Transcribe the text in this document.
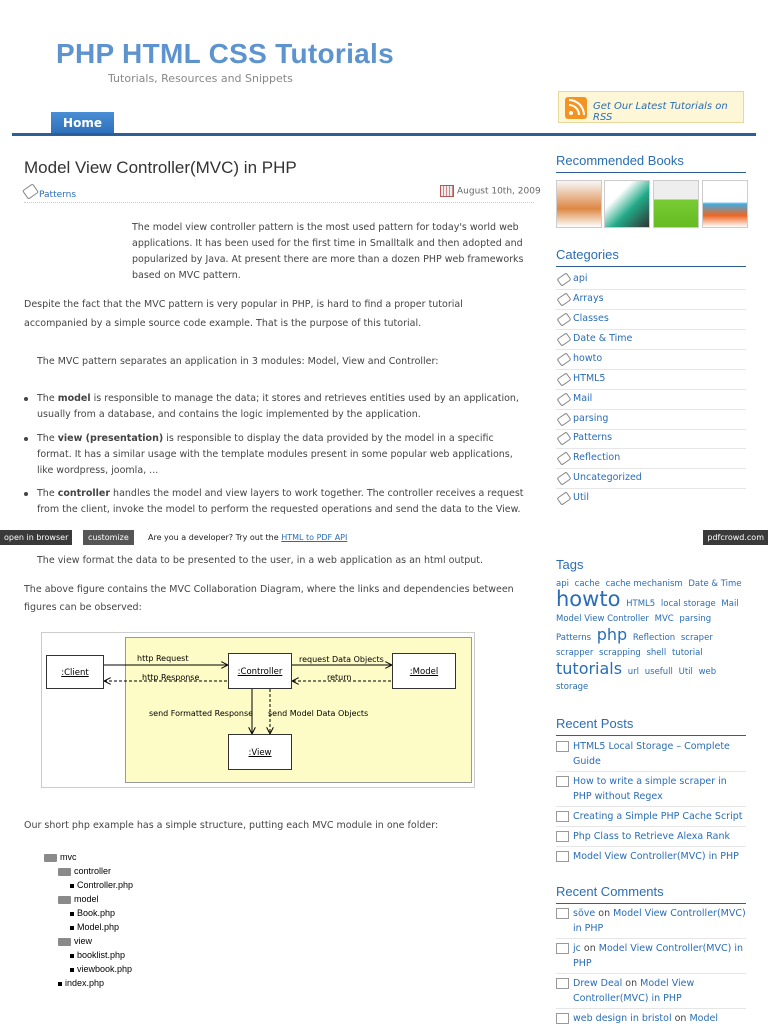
PHP HTML CSS Tutorials
Tutorials, Resources and Snippets
Get Our Latest Tutorials on RSS
Home
Model View Controller(MVC) in PHP
Patterns	August 10th, 2009
The model view controller pattern is the most used pattern for today's world web applications. It has been used for the first time in Smalltalk and then adopted and popularized by Java. At present there are more than a dozen PHP web frameworks based on MVC pattern.
Despite the fact that the MVC pattern is very popular in PHP, is hard to find a proper tutorial accompanied by a simple source code example. That is the purpose of this tutorial.
The MVC pattern separates an application in 3 modules: Model, View and Controller:
The model is responsible to manage the data; it stores and retrieves entities used by an application, usually from a database, and contains the logic implemented by the application.
The view (presentation) is responsible to display the data provided by the model in a specific format. It has a similar usage with the template modules present in some popular web applications, like wordpress, joomla, ...
The controller handles the model and view layers to work together. The controller receives a request from the client, invoke the model to perform the requested operations and send the data to the View.
open in browser	customize	Are you a developer? Try out the HTML to PDF API	pdfcrowd.com
The view format the data to be presented to the user, in a web application as an html output.
The above figure contains the MVC Collaboration Diagram, where the links and dependencies between figures can be observed:
:Client	:Controller	:Model
:View
http Request
http Response
request Data Objects
return
send Formatted Response send Model Data Objects
Our short php example has a simple structure, putting each MVC module in one folder:
mvc
controller
Controller.php
model
Book.php
Model.php
view
booklist.php
viewbook.php
index.php
Recommended Books
Categories
api
Arrays
Classes
Date & Time
howto
HTML5
Mail
parsing
Patterns
Reflection
Uncategorized
Util
Tags
api cache cache mechanism Date & Time howto HTML5 local storage Mail Model View Controller MVC parsing Patterns php Reflection scraper scrapper scrapping shell tutorial tutorials url usefull Util web storage
Recent Posts
HTML5 Local Storage – Complete Guide
How to write a simple scraper in PHP without Regex
Creating a Simple PHP Cache Script
Php Class to Retrieve Alexa Rank
Model View Controller(MVC) in PHP
Recent Comments
söve on Model View Controller(MVC) in PHP
jc on Model View Controller(MVC) in PHP
Drew Deal on Model View Controller(MVC) in PHP
web design in bristol on Model
